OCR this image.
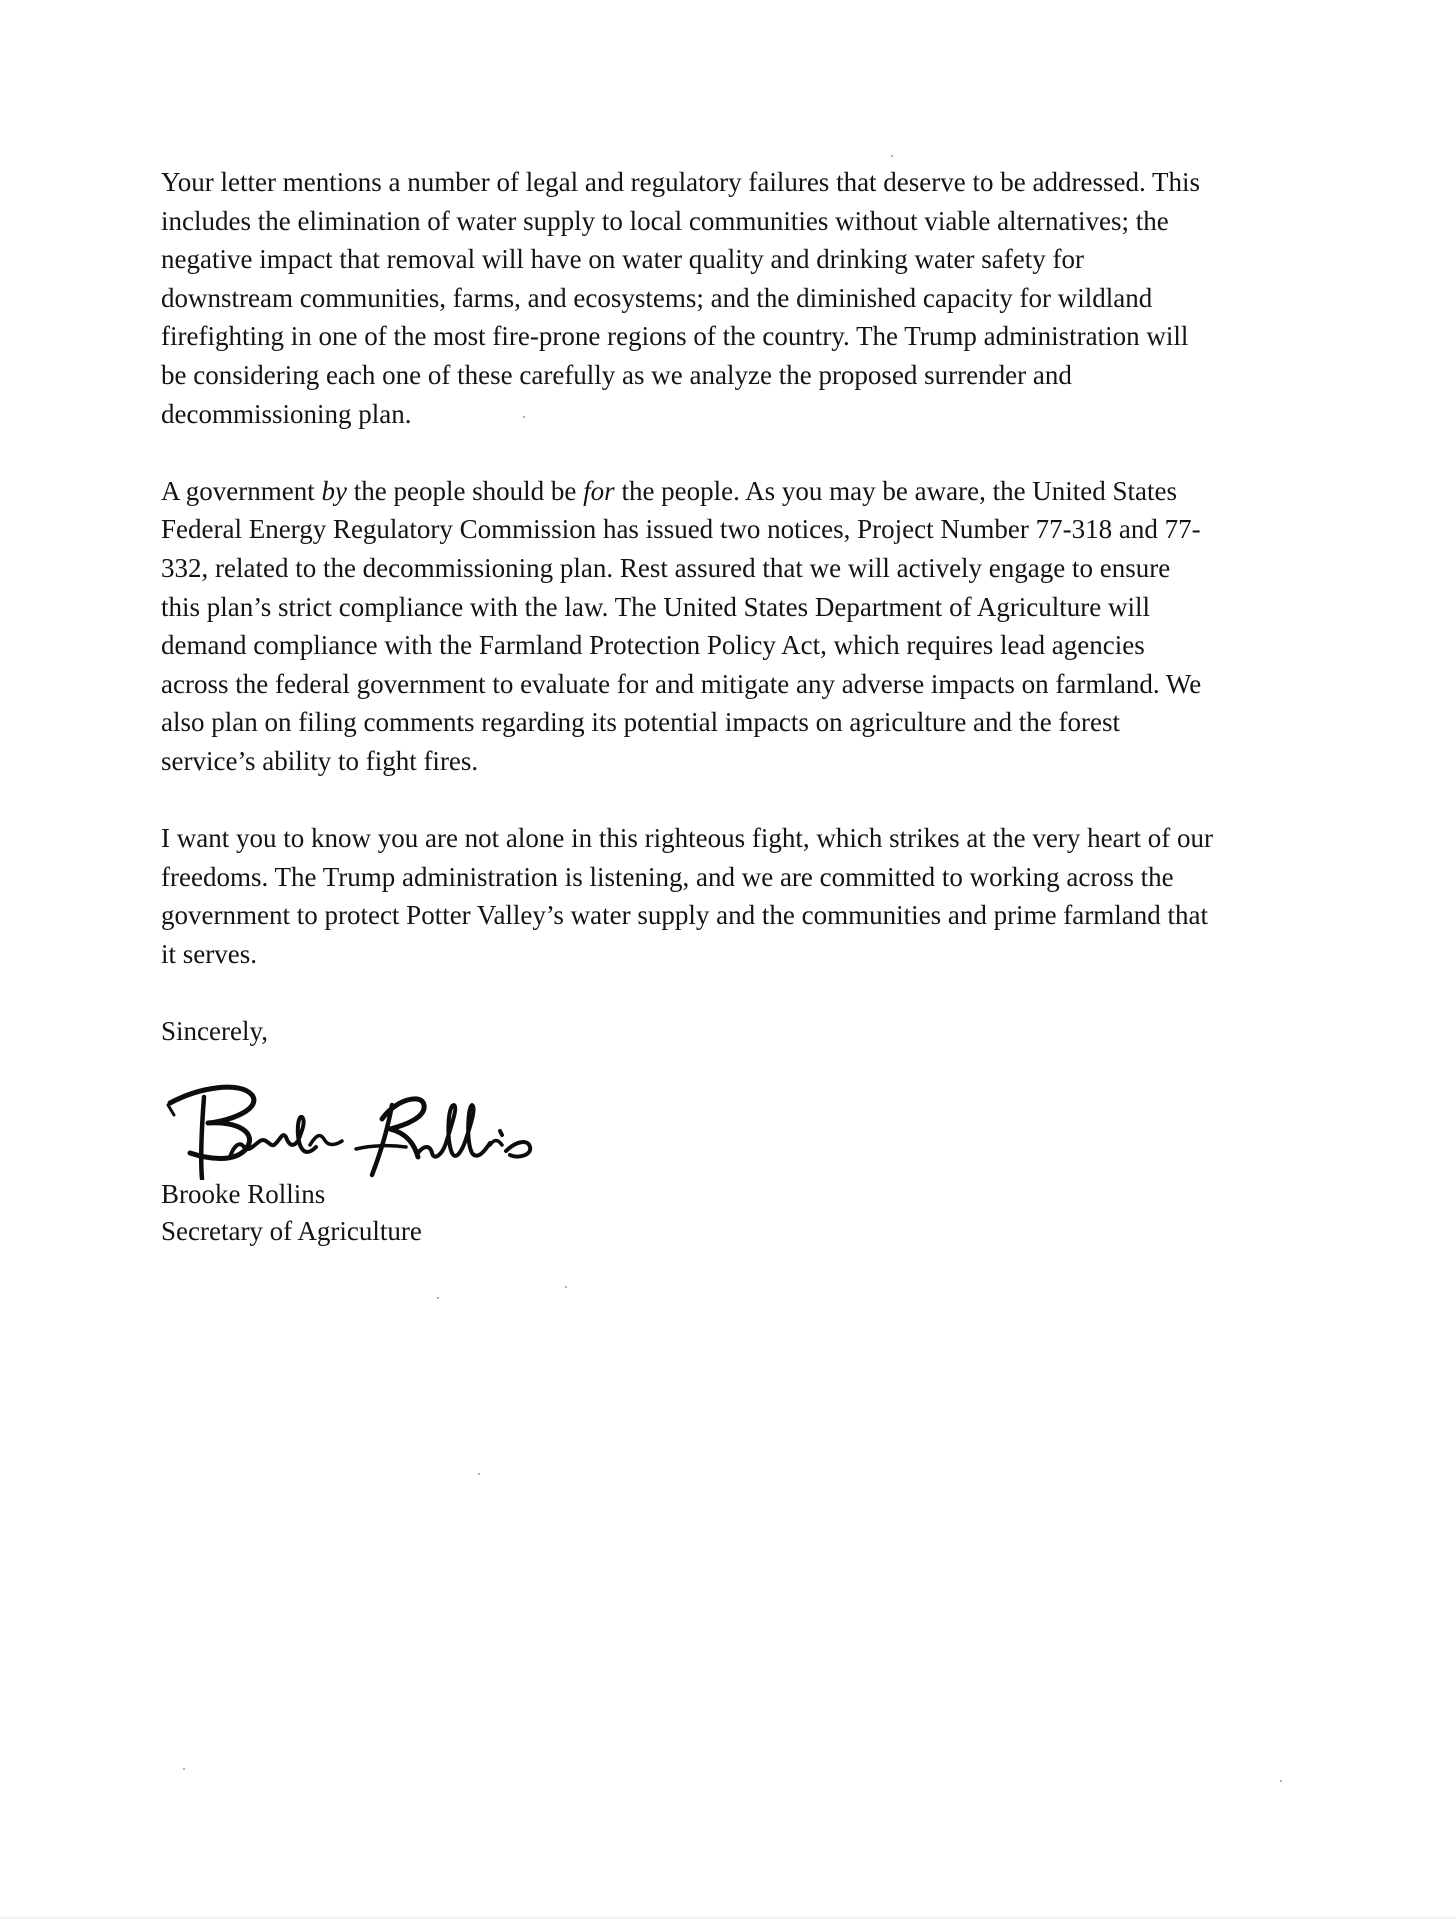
Your letter mentions a number of legal and regulatory failures that deserve to be addressed. This
includes the elimination of water supply to local communities without viable alternatives; the
negative impact that removal will have on water quality and drinking water safety for
downstream communities, farms, and ecosystems; and the diminished capacity for wildland
firefighting in one of the most fire-prone regions of the country. The Trump administration will
be considering each one of these carefully as we analyze the proposed surrender and
decommissioning plan.

A government by the people should be for the people. As you may be aware, the United States
Federal Energy Regulatory Commission has issued two notices, Project Number 77-318 and 77-
332, related to the decommissioning plan. Rest assured that we will actively engage to ensure
this plan’s strict compliance with the law. The United States Department of Agriculture will
demand compliance with the Farmland Protection Policy Act, which requires lead agencies
across the federal government to evaluate for and mitigate any adverse impacts on farmland. We
also plan on filing comments regarding its potential impacts on agriculture and the forest
service’s ability to fight fires.

I want you to know you are not alone in this righteous fight, which strikes at the very heart of our
freedoms. The Trump administration is listening, and we are committed to working across the
government to protect Potter Valley’s water supply and the communities and prime farmland that
it serves.

Sincerely,

Brooke Rollins
Secretary of Agriculture
